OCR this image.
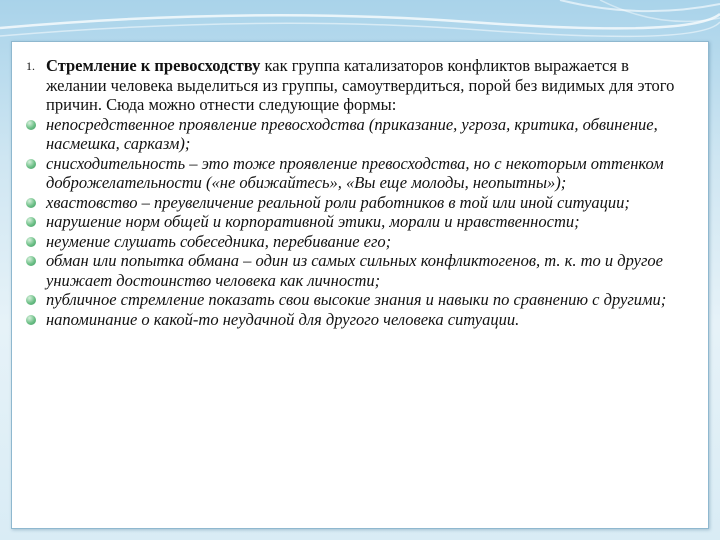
1. Стремление к превосходству как группа катализаторов конфликтов выражается в желании человека выделиться из группы, самоутвердиться, порой без видимых для этого причин. Сюда можно отнести следующие формы:

непосредственное проявление превосходства (приказание, угроза, критика, обвинение, насмешка, сарказм);
снисходительность – это тоже проявление превосходства, но с некоторым оттенком доброжелательности («не обижайтесь», «Вы еще молоды, неопытны»);
хвастовство – преувеличение реальной роли работников в той или иной ситуации;
нарушение норм общей и корпоративной этики, морали и нравственности;
неумение слушать собеседника, перебивание его;
обман или попытка обмана – один из самых сильных конфликтогенов, т. к. то и другое унижает достоинство человека как личности;
публичное стремление показать свои высокие знания и навыки по сравнению с другими;
напоминание о какой-то неудачной для другого человека ситуации.
